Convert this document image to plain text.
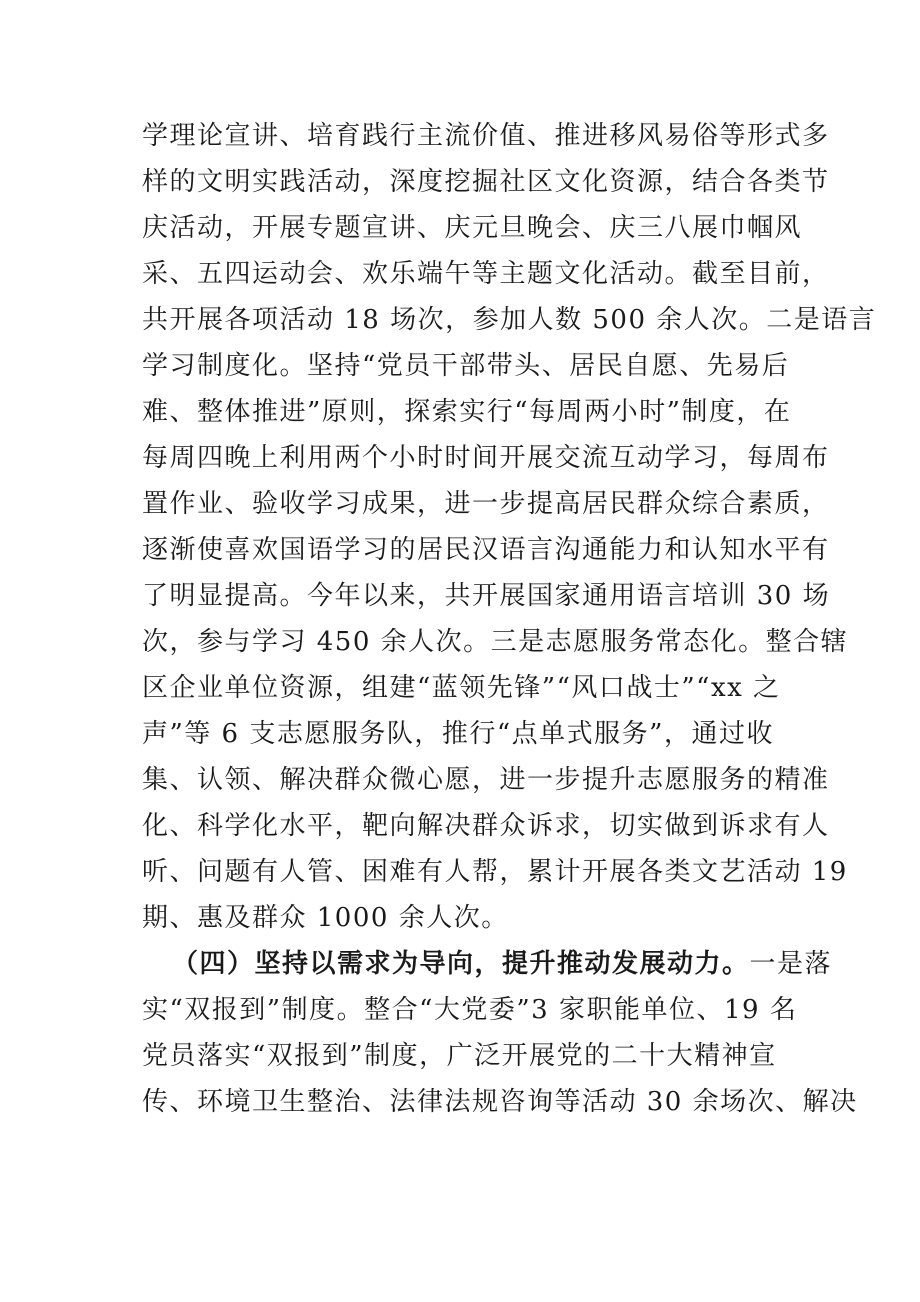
学理论宣讲、培育践行主流价值、推进移风易俗等形式多
样的文明实践活动，深度挖掘社区文化资源，结合各类节
庆活动，开展专题宣讲、庆元旦晚会、庆三八展巾帼风
采、五四运动会、欢乐端午等主题文化活动。截至目前，
共开展各项活动 18 场次，参加人数 500 余人次。二是语言
学习制度化。坚持“党员干部带头、居民自愿、先易后
难、整体推进”原则，探索实行“每周两小时”制度，在
每周四晚上利用两个小时时间开展交流互动学习，每周布
置作业、验收学习成果，进一步提高居民群众综合素质，
逐渐使喜欢国语学习的居民汉语言沟通能力和认知水平有
了明显提高。今年以来，共开展国家通用语言培训 30 场
次，参与学习 450 余人次。三是志愿服务常态化。整合辖
区企业单位资源，组建“蓝领先锋”“风口战士”“xx 之
声”等 6 支志愿服务队，推行“点单式服务”，通过收
集、认领、解决群众微心愿，进一步提升志愿服务的精准
化、科学化水平，靶向解决群众诉求，切实做到诉求有人
听、问题有人管、困难有人帮，累计开展各类文艺活动 19
期、惠及群众 1000 余人次。
（四）坚持以需求为导向，提升推动发展动力。一是落
实“双报到”制度。整合“大党委”3 家职能单位、19 名
党员落实“双报到”制度，广泛开展党的二十大精神宣
传、环境卫生整治、法律法规咨询等活动 30 余场次、解决
